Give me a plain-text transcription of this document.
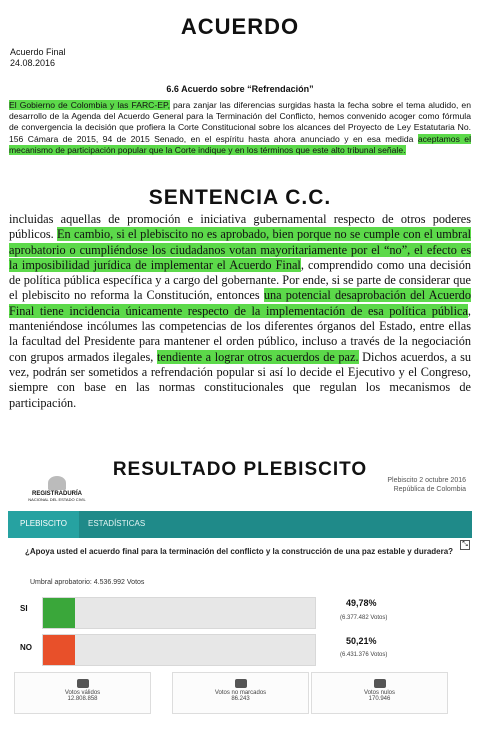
ACUERDO
Acuerdo Final
24.08.2016
6.6 Acuerdo sobre “Refrendación”

El Gobierno de Colombia y las FARC-EP, para zanjar las diferencias surgidas hasta la fecha sobre el tema aludido, en desarrollo de la Agenda del Acuerdo General para la Terminación del Conflicto, hemos convenido acoger como fórmula de convergencia la decisión que profiera la Corte Constitucional sobre los alcances del Proyecto de Ley Estatutaria No. 156 Cámara de 2015, 94 de 2015 Senado, en el espíritu hasta ahora anunciado y en esa medida aceptamos el mecanismo de participación popular que la Corte indique y en los términos que este alto tribunal señale.

SENTENCIA C.C.

incluidas aquellas de promoción e iniciativa gubernamental respecto de otros poderes públicos. En cambio, si el plebiscito no es aprobado, bien porque no se cumple con el umbral aprobatorio o cumpliéndose los ciudadanos votan mayoritariamente por el “no”, el efecto es la imposibilidad jurídica de implementar el Acuerdo Final, comprendido como una decisión de política pública específica y a cargo del gobernante. Por ende, si se parte de considerar que el plebiscito no reforma la Constitución, entonces una potencial desaprobación del Acuerdo Final tiene incidencia únicamente respecto de la implementación de esa política pública, manteniéndose incólumes las competencias de los diferentes órganos del Estado, entre ellas la facultad del Presidente para mantener el orden público, incluso a través de la negociación con grupos armados ilegales, tendiente a lograr otros acuerdos de paz. Dichos acuerdos, a su vez, podrán ser sometidos a refrendación popular si así lo decide el Ejecutivo y el Congreso, siempre con base en las normas constitucionales que regulan los mecanismos de participación.

RESULTADO PLEBISCITO
REGISTRADURÍA
NACIONAL DEL ESTADO CIVIL
Plebiscito 2 octubre 2016
República de Colombia
PLEBISCITO	ESTADÍSTICAS
⤡
¿Apoya usted el acuerdo final para la terminación del conflicto y la construcción de una paz estable y duradera?
Umbral aprobatorio: 4.536.992 Votos
SI
49,78%
(6.377.482 Votos)
NO
50,21%
(6.431.376 Votos)
Votos válidos
12.808.858
Votos no marcados
86.243
Votos nulos
170.946
